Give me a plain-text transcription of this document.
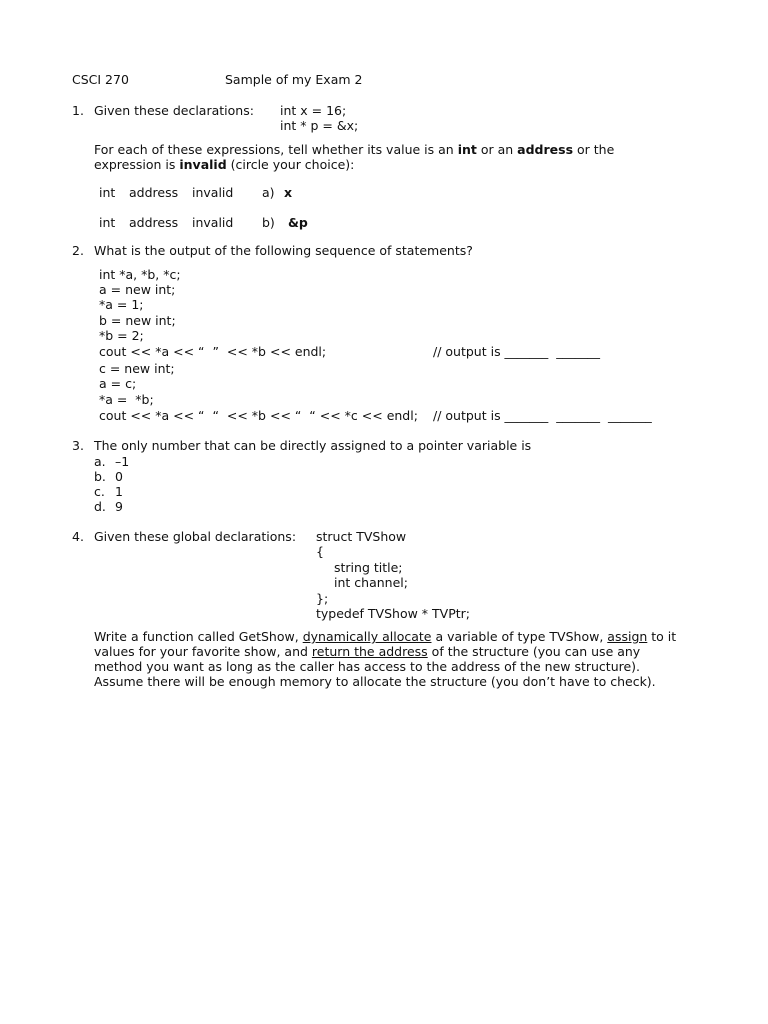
CSCI 270	Sample of my Exam 2
1. Given these declarations: int x = 16;
int * p = &x;
For each of these expressions, tell whether its value is an int or an address or the
expression is invalid (circle your choice):
int address invalid a) x
int address invalid b) &p
2. What is the output of the following sequence of statements?
int *a, *b, *c;
a = new int;
*a = 1;
b = new int;
*b = 2;
cout << *a << “  ”  << *b << endl;	// output is _______  _______
c = new int;
a = c;
*a =  *b;
cout << *a << “  “  << *b << “  “ << *c << endl; // output is _______  _______  _______
3. The only number that can be directly assigned to a pointer variable is
a. –1
b. 0
c. 1
d. 9
4. Given these global declarations: struct TVShow
{
string title;
int channel;
};
typedef TVShow * TVPtr;
Write a function called GetShow, dynamically allocate a variable of type TVShow, assign to it
values for your favorite show, and return the address of the structure (you can use any
method you want as long as the caller has access to the address of the new structure).
Assume there will be enough memory to allocate the structure (you don’t have to check).
